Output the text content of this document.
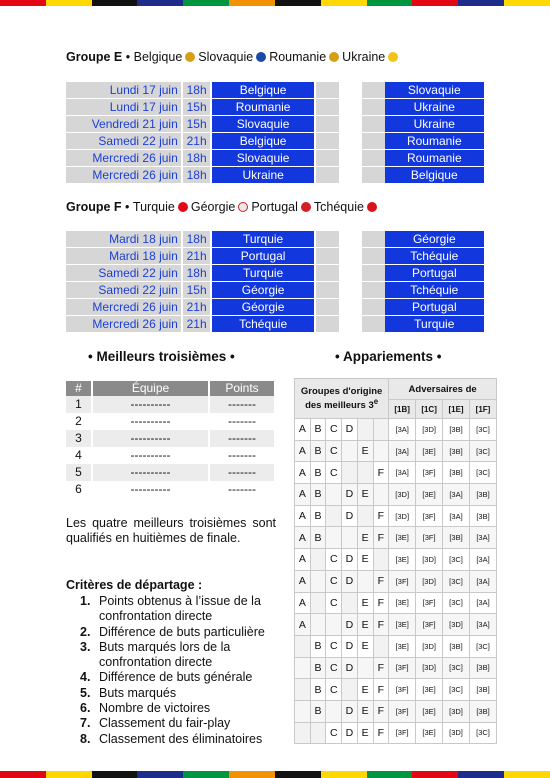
Groupe E
•
Belgique Slovaquie Roumanie Ukraine
Lundi 17 juin 18h	Belgique	Slovaquie
Lundi 17 juin 15h	Roumanie	Ukraine
Vendredi 21 juin 15h	Slovaquie	Ukraine
Samedi 22 juin 21h	Belgique	Roumanie
Mercredi 26 juin 18h	Slovaquie	Roumanie
Mercredi 26 juin 18h	Ukraine	Belgique
Groupe F
•
Turquie Géorgie Portugal Tchéquie
Mardi 18 juin 18h	Turquie	Géorgie
Mardi 18 juin 21h	Portugal	Tchéquie
Samedi 22 juin 18h	Turquie	Portugal
Samedi 22 juin 15h	Géorgie	Tchéquie
Mercredi 26 juin 21h	Géorgie	Portugal
Mercredi 26 juin 21h	Tchéquie	Turquie
• Meilleurs troisièmes •	• Appariements •
#	Équipe	Points
1	----------	-------
2	----------	-------
3	----------	-------
4	----------	-------
5	----------	-------
6	----------	-------
Les quatre meilleurs troisièmes sont qualifiés en huitièmes de finale.
Critères de départage :
1. Points obtenus à l’issue de la confrontation directe
2. Différence de buts particulière
3. Buts marqués lors de la confrontation directe
4. Différence de buts générale
5. Buts marqués
6. Nombre de victoires
7. Classement du fair-play
8. Classement des éliminatoires
Groupes d'origine des meilleurs 3e						Adversaires de			
						[1B]	[1C]	[1E]	[1F]
A	B	C	D			[3A]	[3D]	[3B]	[3C]
A	B	C		E		[3A]	[3E]	[3B]	[3C]
A	B	C			F	[3A]	[3F]	[3B]	[3C]
A	B		D	E		[3D]	[3E]	[3A]	[3B]
A	B		D		F	[3D]	[3F]	[3A]	[3B]
A	B			E	F	[3E]	[3F]	[3B]	[3A]
A		C	D	E		[3E]	[3D]	[3C]	[3A]
A		C	D		F	[3F]	[3D]	[3C]	[3A]
A		C		E	F	[3E]	[3F]	[3C]	[3A]
A			D	E	F	[3E]	[3F]	[3D]	[3A]
	B	C	D	E		[3E]	[3D]	[3B]	[3C]
	B	C	D		F	[3F]	[3D]	[3C]	[3B]
	B	C		E	F	[3F]	[3E]	[3C]	[3B]
	B		D	E	F	[3F]	[3E]	[3D]	[3B]
		C	D	E	F	[3F]	[3E]	[3D]	[3C]
